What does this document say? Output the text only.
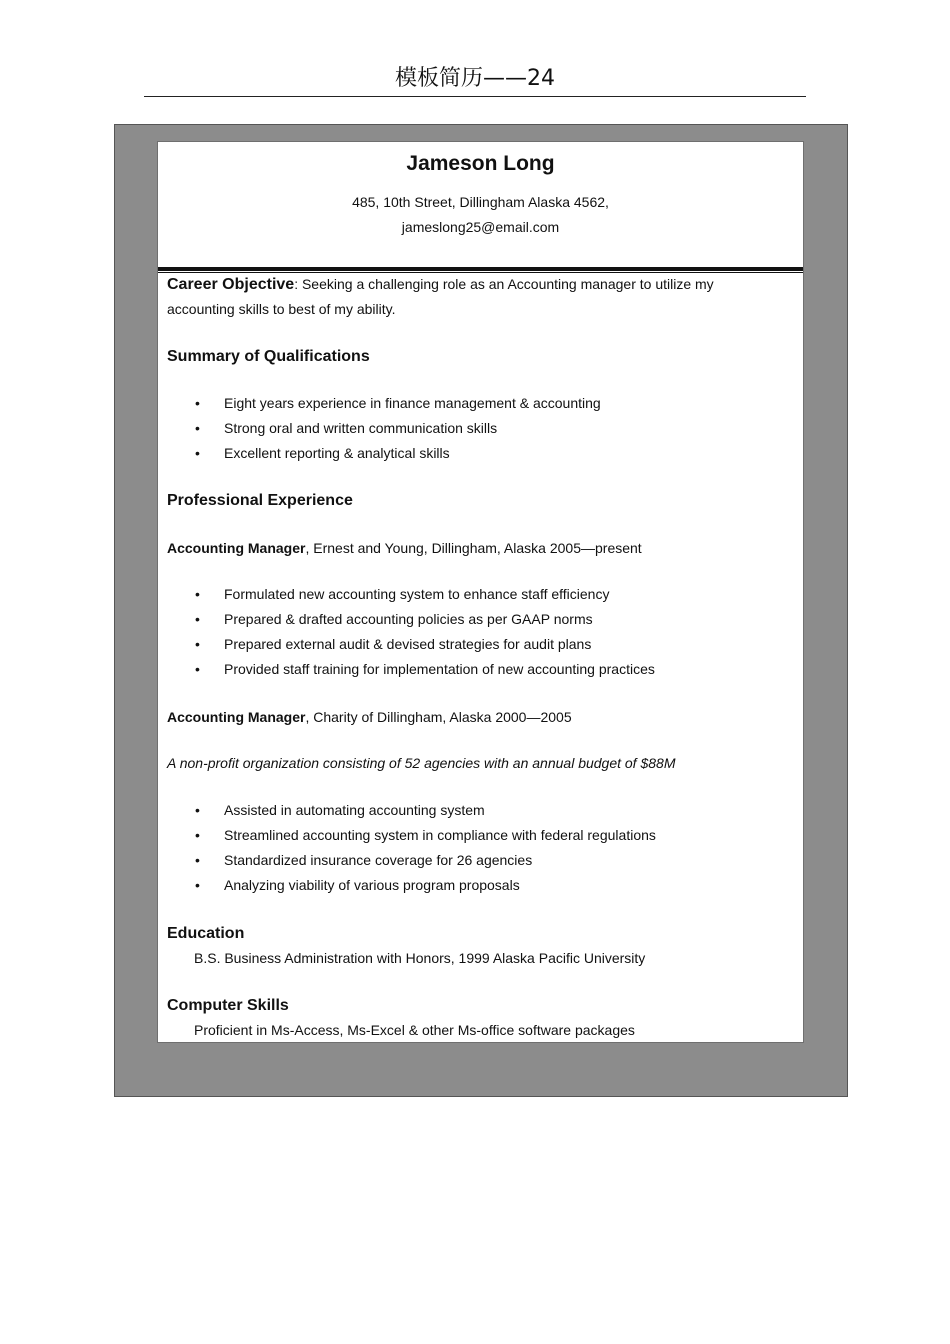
模板简历——24
Jameson Long
485, 10th Street, Dillingham Alaska 4562,
jameslong25@email.com
Career Objective: Seeking a challenging role as an Accounting manager to utilize my
accounting skills to best of my ability.
Summary of Qualifications
• Eight years experience in finance management & accounting
• Strong oral and written communication skills
• Excellent reporting & analytical skills
Professional Experience
Accounting Manager, Ernest and Young, Dillingham, Alaska 2005—present
• Formulated new accounting system to enhance staff efficiency
• Prepared & drafted accounting policies as per GAAP norms
• Prepared external audit & devised strategies for audit plans
• Provided staff training for implementation of new accounting practices
Accounting Manager, Charity of Dillingham, Alaska 2000—2005
A non-profit organization consisting of 52 agencies with an annual budget of $88M
• Assisted in automating accounting system
• Streamlined accounting system in compliance with federal regulations
• Standardized insurance coverage for 26 agencies
• Analyzing viability of various program proposals
Education
B.S. Business Administration with Honors, 1999 Alaska Pacific University
Computer Skills
Proficient in Ms-Access, Ms-Excel & other Ms-office software packages
